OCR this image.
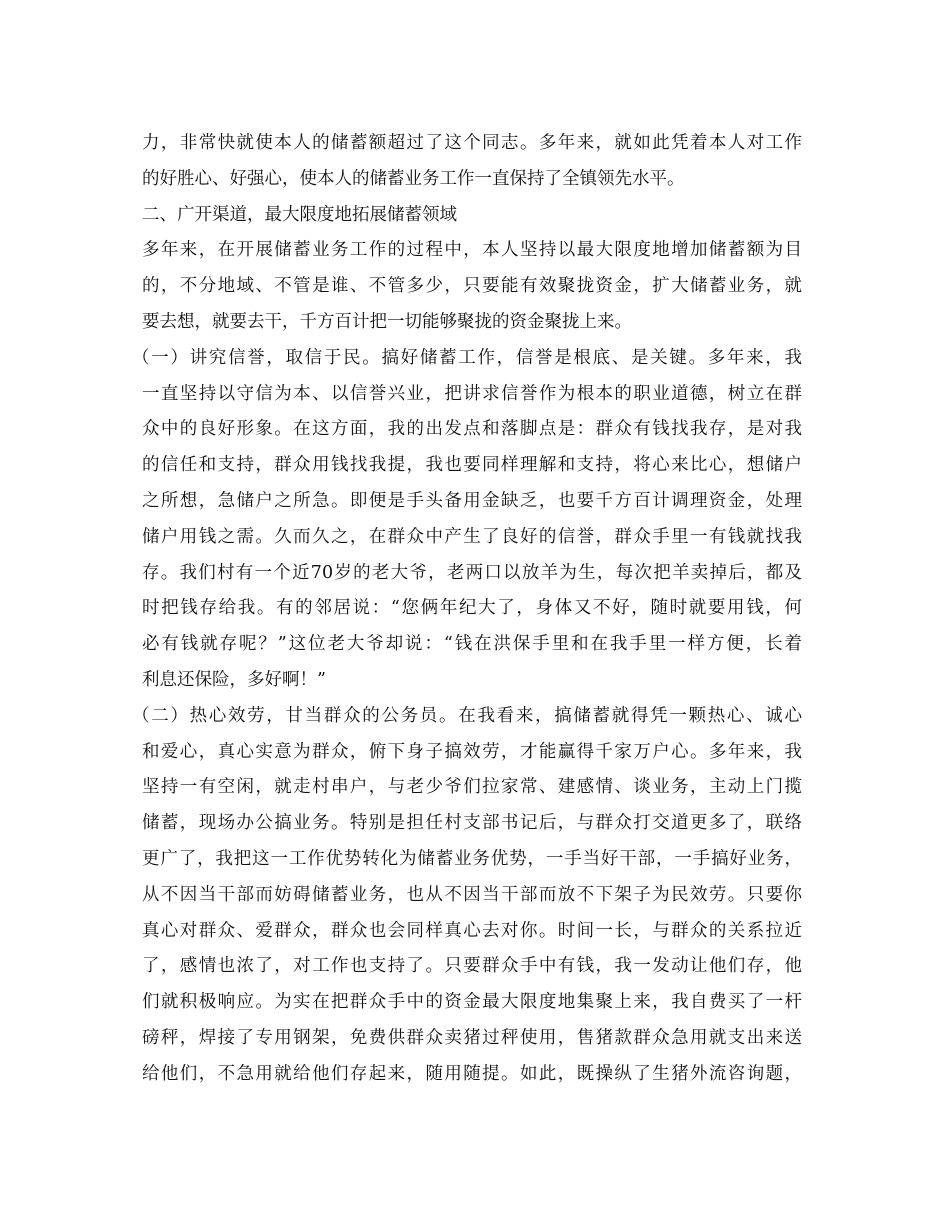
力，非常快就使本人的储蓄额超过了这个同志。多年来，就如此凭着本人对工作
的好胜心、好强心，使本人的储蓄业务工作一直保持了全镇领先水平。
二、广开渠道，最大限度地拓展储蓄领域
多年来，在开展储蓄业务工作的过程中，本人坚持以最大限度地增加储蓄额为目
的，不分地域、不管是谁、不管多少，只要能有效聚拢资金，扩大储蓄业务，就
要去想，就要去干，千方百计把一切能够聚拢的资金聚拢上来。
（一）讲究信誉，取信于民。搞好储蓄工作，信誉是根底、是关键。多年来，我
一直坚持以守信为本、以信誉兴业，把讲求信誉作为根本的职业道德，树立在群
众中的良好形象。在这方面，我的出发点和落脚点是：群众有钱找我存，是对我
的信任和支持，群众用钱找我提，我也要同样理解和支持，将心来比心，想储户
之所想，急储户之所急。即便是手头备用金缺乏，也要千方百计调理资金，处理
储户用钱之需。久而久之，在群众中产生了良好的信誉，群众手里一有钱就找我
存。我们村有一个近70岁的老大爷，老两口以放羊为生，每次把羊卖掉后，都及
时把钱存给我。有的邻居说：“您俩年纪大了，身体又不好，随时就要用钱，何
必有钱就存呢？”这位老大爷却说：“钱在洪保手里和在我手里一样方便，长着
利息还保险，多好啊！”
（二）热心效劳，甘当群众的公务员。在我看来，搞储蓄就得凭一颗热心、诚心
和爱心，真心实意为群众，俯下身子搞效劳，才能赢得千家万户心。多年来，我
坚持一有空闲，就走村串户，与老少爷们拉家常、建感情、谈业务，主动上门揽
储蓄，现场办公搞业务。特别是担任村支部书记后，与群众打交道更多了，联络
更广了，我把这一工作优势转化为储蓄业务优势，一手当好干部，一手搞好业务，
从不因当干部而妨碍储蓄业务，也从不因当干部而放不下架子为民效劳。只要你
真心对群众、爱群众，群众也会同样真心去对你。时间一长，与群众的关系拉近
了，感情也浓了，对工作也支持了。只要群众手中有钱，我一发动让他们存，他
们就积极响应。为实在把群众手中的资金最大限度地集聚上来，我自费买了一杆
磅秤，焊接了专用钢架，免费供群众卖猪过秤使用，售猪款群众急用就支出来送
给他们，不急用就给他们存起来，随用随提。如此，既操纵了生猪外流咨询题，
